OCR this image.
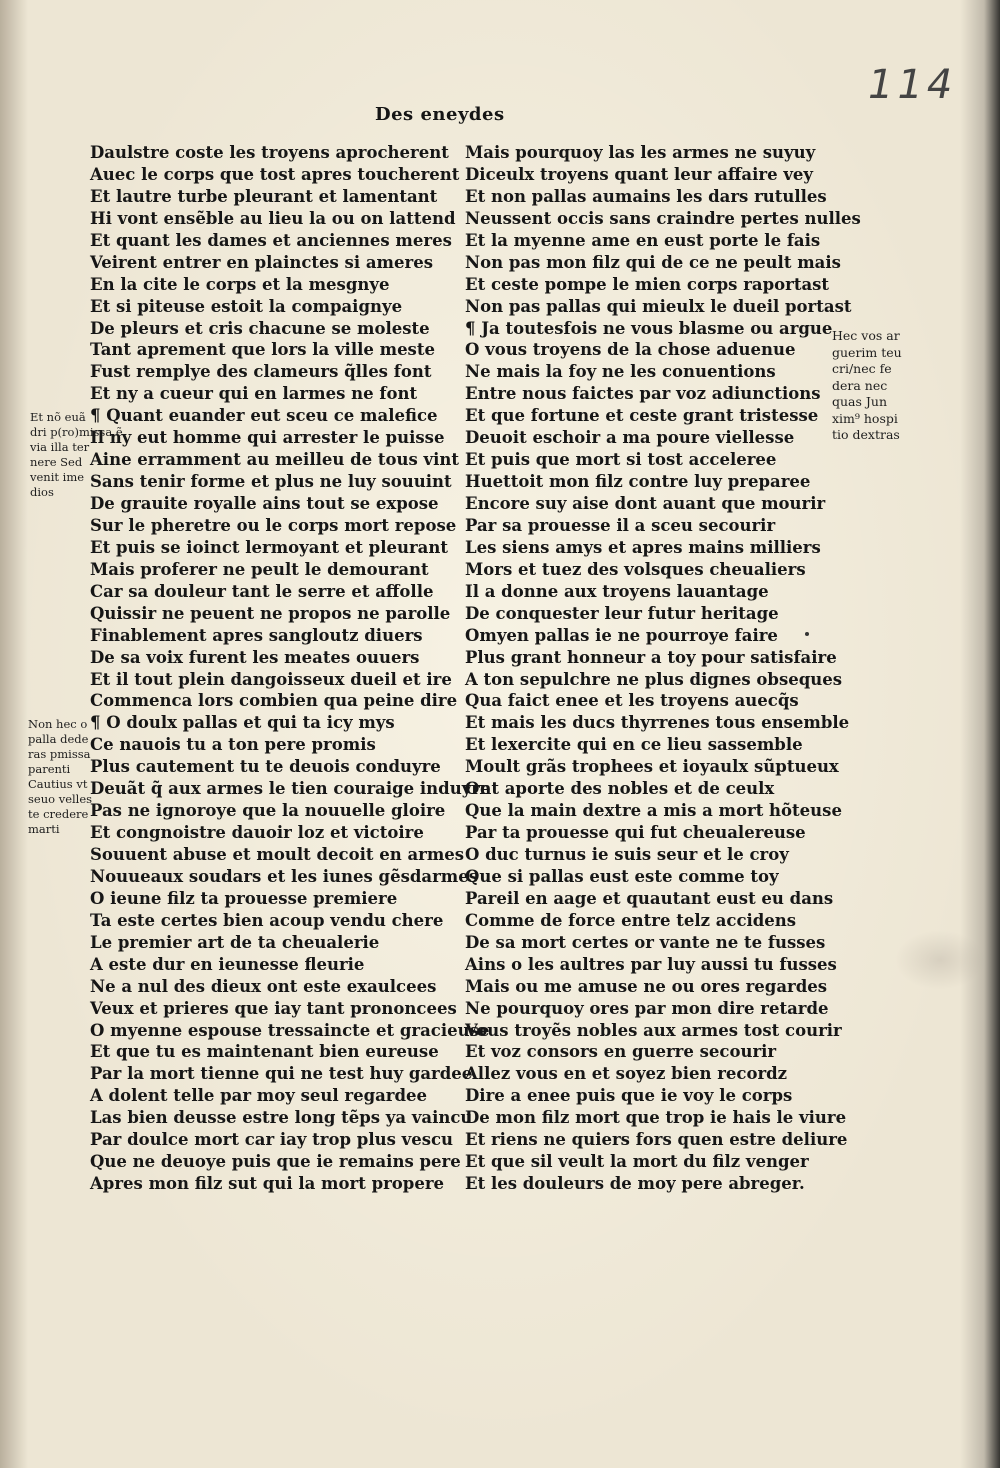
114
Des eneydes
Daulstre coste les troyens aprocherent
Auec le corps que tost apres toucherent
Et lautre turbe pleurant et lamentant
Hi vont ensẽble au lieu la ou on lattend
Et quant les dames et anciennes meres
Veirent entrer en plainctes si ameres
En la cite le corps et la mesgnye
Et si piteuse estoit la compaignye
De pleurs et cris chacune se moleste
Tant aprement que lors la ville meste
Fust remplye des clameurs q̃lles font
Et ny a cueur qui en larmes ne font
¶ Quant euander eut sceu ce malefice
Il ny eut homme qui arrester le puisse
Aine erramment au meilleu de tous vint
Sans tenir forme et plus ne luy souuint
De grauite royalle ains tout se expose
Sur le pheretre ou le corps mort repose
Et puis se ioinct lermoyant et pleurant
Mais proferer ne peult le demourant
Car sa douleur tant le serre et affolle
Quissir ne peuent ne propos ne parolle
Finablement apres sangloutz diuers
De sa voix furent les meates ouuers
Et il tout plein dangoisseux dueil et ire
Commenca lors combien qua peine dire
¶ O doulx pallas et qui ta icy mys
Ce nauois tu a ton pere promis
Plus cautement tu te deuois conduyre
Deuãt q̃ aux armes le tien couraige induyre
Pas ne ignoroye que la nouuelle gloire
Et congnoistre dauoir loz et victoire
Souuent abuse et moult decoit en armes
Nouueaux soudars et les iunes gẽsdarmes
O ieune filz ta prouesse premiere
Ta este certes bien acoup vendu chere
Le premier art de ta cheualerie
A este dur en ieunesse fleurie
Ne a nul des dieux ont este exaulcees
Veux et prieres que iay tant prononcees
O myenne espouse tressaincte et gracieuse
Et que tu es maintenant bien eureuse
Par la mort tienne qui ne test huy gardee
A dolent telle par moy seul regardee
Las bien deusse estre long tẽps ya vaincu
Par doulce mort car iay trop plus vescu
Que ne deuoye puis que ie remains pere
Apres mon filz sut qui la mort propere
Mais pourquoy las les armes ne suyuy
Diceulx troyens quant leur affaire vey
Et non pallas aumains les dars rutulles
Neussent occis sans craindre pertes nulles
Et la myenne ame en eust porte le fais
Non pas mon filz qui de ce ne peult mais
Et ceste pompe le mien corps raportast
Non pas pallas qui mieulx le dueil portast
¶ Ja toutesfois ne vous blasme ou argue
O vous troyens de la chose aduenue
Ne mais la foy ne les conuentions
Entre nous faictes par voz adiunctions
Et que fortune et ceste grant tristesse
Deuoit eschoir a ma poure viellesse
Et puis que mort si tost acceleree
Huettoit mon filz contre luy preparee
Encore suy aise dont auant que mourir
Par sa prouesse il a sceu secourir
Les siens amys et apres mains milliers
Mors et tuez des volsques cheualiers
Il a donne aux troyens lauantage
De conquester leur futur heritage
Omyen pallas ie ne pourroye faire
Plus grant honneur a toy pour satisfaire
A ton sepulchre ne plus dignes obseques
Qua faict enee et les troyens auecq̃s
Et mais les ducs thyrrenes tous ensemble
Et lexercite qui en ce lieu sassemble
Moult grãs trophees et ioyaulx sũptueux
Ont aporte des nobles et de ceulx
Que la main dextre a mis a mort hõteuse
Par ta prouesse qui fut cheualereuse
O duc turnus ie suis seur et le croy
Que si pallas eust este comme toy
Pareil en aage et quautant eust eu dans
Comme de force entre telz accidens
De sa mort certes or vante ne te fusses
Ains o les aultres par luy aussi tu fusses
Mais ou me amuse ne ou ores regardes
Ne pourquoy ores par mon dire retarde
Vous troyẽs nobles aux armes tost courir
Et voz consors en guerre secourir
Allez vous en et soyez bien recordz
Dire a enee puis que ie voy le corps
De mon filz mort que trop ie hais le viure
Et riens ne quiers fors quen estre deliure
Et que sil veult la mort du filz venger
Et les douleurs de moy pere abreger.
Et nõ euã
dri p(ro)missa ẽ
via illa ter
nere Sed
venit ime
dios
Non hec o
palla dede
ras pmissa
parenti
Cautius vt
seuo velles
te credere
marti
Hec vos ar
guerim teu
cri/nec fe
dera nec
quas Jun
xim⁹ hospi
tio dextras
